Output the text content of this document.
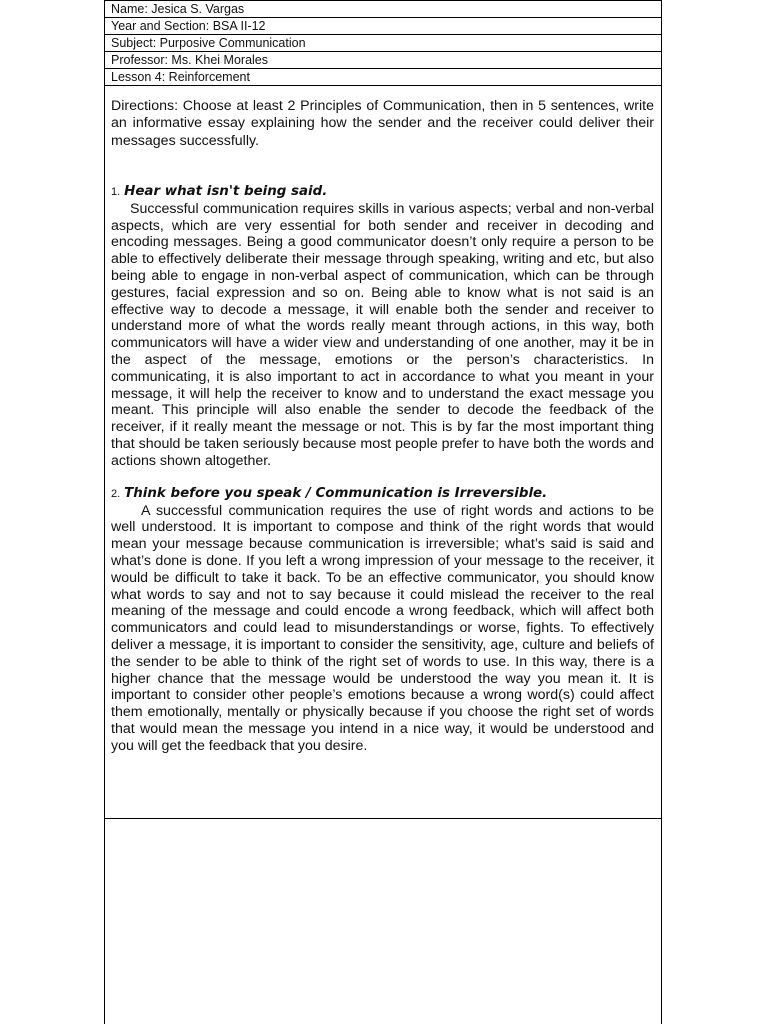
Name: Jesica S. Vargas
Year and Section: BSA II-12
Subject: Purposive Communication
Professor: Ms. Khei Morales
Lesson 4: Reinforcement

Directions: Choose at least 2 Principles of Communication, then in 5 sentences, write an informative essay explaining how the sender and the receiver could deliver their messages successfully.

1. Hear what isn't being said.

Successful communication requires skills in various aspects; verbal and non-verbal aspects, which are very essential for both sender and receiver in decoding and encoding messages. Being a good communicator doesn’t only require a person to be able to effectively deliberate their message through speaking, writing and etc, but also being able to engage in non-verbal aspect of communication, which can be through gestures, facial expression and so on. Being able to know what is not said is an effective way to decode a message, it will enable both the sender and receiver to understand more of what the words really meant through actions, in this way, both communicators will have a wider view and understanding of one another, may it be in the aspect of the message, emotions or the person’s characteristics. In communicating, it is also important to act in accordance to what you meant in your message, it will help the receiver to know and to understand the exact message you meant. This principle will also enable the sender to decode the feedback of the receiver, if it really meant the message or not. This is by far the most important thing that should be taken seriously because most people prefer to have both the words and actions shown altogether.

2. Think before you speak / Communication is Irreversible.

A successful communication requires the use of right words and actions to be well understood. It is important to compose and think of the right words that would mean your message because communication is irreversible; what’s said is said and what’s done is done. If you left a wrong impression of your message to the receiver, it would be difficult to take it back. To be an effective communicator, you should know what words to say and not to say because it could mislead the receiver to the real meaning of the message and could encode a wrong feedback, which will affect both communicators and could lead to misunderstandings or worse, fights. To effectively deliver a message, it is important to consider the sensitivity, age, culture and beliefs of the sender to be able to think of the right set of words to use. In this way, there is a higher chance that the message would be understood the way you mean it. It is important to consider other people’s emotions because a wrong word(s) could affect them emotionally, mentally or physically because if you choose the right set of words that would mean the message you intend in a nice way, it would be understood and you will get the feedback that you desire.
